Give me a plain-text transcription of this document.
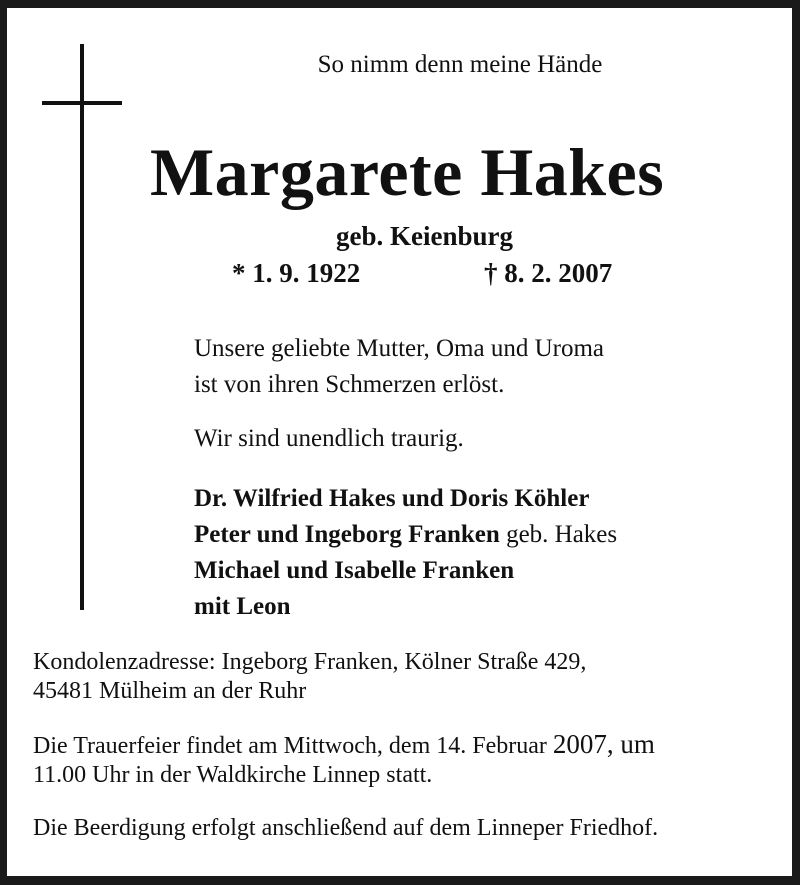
So nimm denn meine Hände
Margarete Hakes
geb. Keienburg
* 1. 9. 1922	† 8. 2. 2007
Unsere geliebte Mutter, Oma und Uroma
ist von ihren Schmerzen erlöst.
Wir sind unendlich traurig.
Dr. Wilfried Hakes und Doris Köhler
Peter und Ingeborg Franken geb. Hakes
Michael und Isabelle Franken
mit Leon
Kondolenzadresse: Ingeborg Franken, Kölner Straße 429,
45481 Mülheim an der Ruhr
Die Trauerfeier findet am Mittwoch, dem 14. Februar 2007, um
11.00 Uhr in der Waldkirche Linnep statt.
Die Beerdigung erfolgt anschließend auf dem Linneper Friedhof.
